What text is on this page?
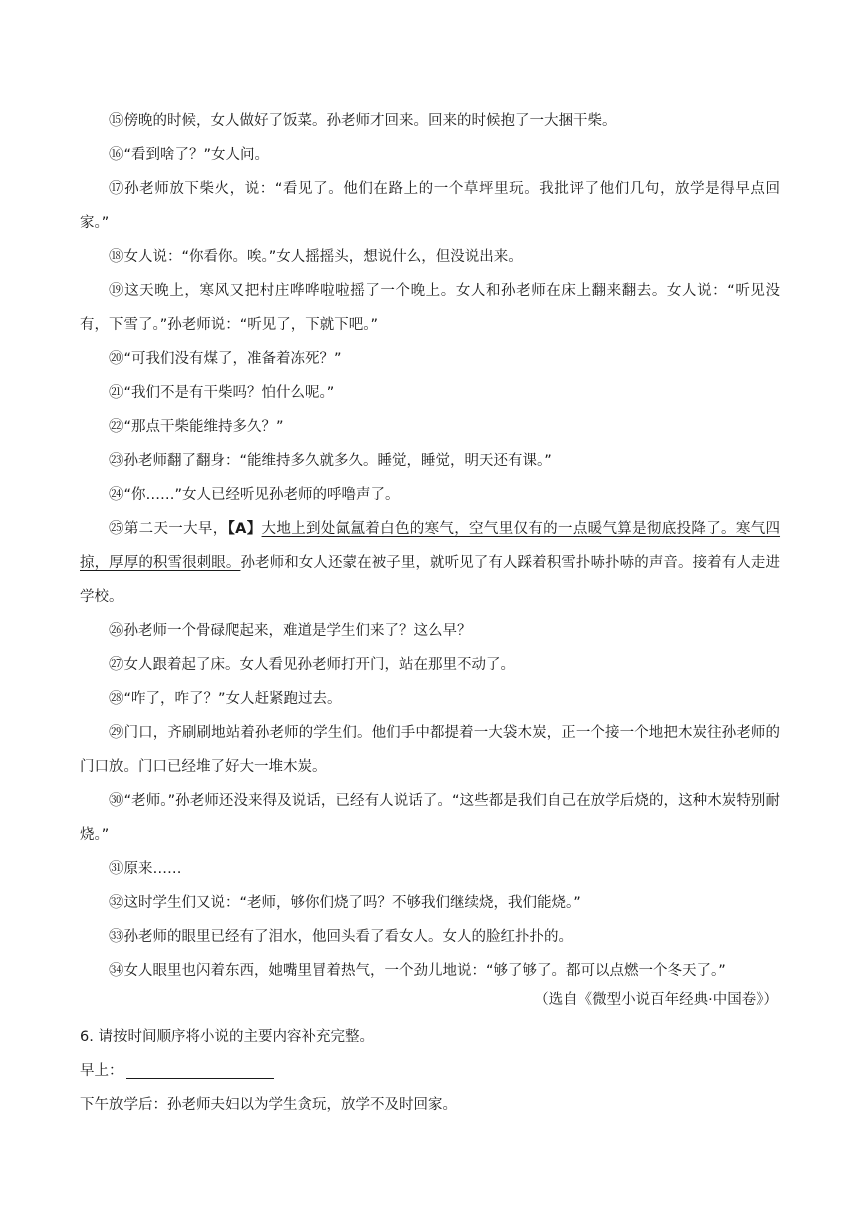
⑮傍晚的时候，女人做好了饭菜。孙老师才回来。回来的时候抱了一大捆干柴。

⑯“看到啥了？”女人问。

⑰孙老师放下柴火，说：“看见了。他们在路上的一个草坪里玩。我批评了他们几句，放学是得早点回家。”

⑱女人说：“你看你。唉。”女人摇摇头，想说什么，但没说出来。

⑲这天晚上，寒风又把村庄哗哗啦啦摇了一个晚上。女人和孙老师在床上翻来翻去。女人说：“听见没有，下雪了。”孙老师说：“听见了，下就下吧。”

⑳“可我们没有煤了，准备着冻死？”

㉑“我们不是有干柴吗？怕什么呢。”

㉒“那点干柴能维持多久？”

㉓孙老师翻了翻身：“能维持多久就多久。睡觉，睡觉，明天还有课。”

㉔“你……”女人已经听见孙老师的呼噜声了。

㉕第二天一大早，【A】大地上到处氤氲着白色的寒气，空气里仅有的一点暖气算是彻底投降了。寒气四掠，厚厚的积雪很刺眼。孙老师和女人还蒙在被子里，就听见了有人踩着积雪扑哧扑哧的声音。接着有人走进学校。

㉖孙老师一个骨碌爬起来，难道是学生们来了？这么早？

㉗女人跟着起了床。女人看见孙老师打开门，站在那里不动了。

㉘“咋了，咋了？”女人赶紧跑过去。

㉙门口，齐刷刷地站着孙老师的学生们。他们手中都提着一大袋木炭，正一个接一个地把木炭往孙老师的门口放。门口已经堆了好大一堆木炭。

㉚“老师。”孙老师还没来得及说话，已经有人说话了。“这些都是我们自己在放学后烧的，这种木炭特别耐烧。”

㉛原来……

㉜这时学生们又说：“老师，够你们烧了吗？不够我们继续烧，我们能烧。”

㉝孙老师的眼里已经有了泪水，他回头看了看女人。女人的脸红扑扑的。

㉞女人眼里也闪着东西，她嘴里冒着热气，一个劲儿地说：“够了够了。都可以点燃一个冬天了。”

（选自《微型小说百年经典·中国卷》）

6. 请按时间顺序将小说的主要内容补充完整。

早上：

下午放学后：孙老师夫妇以为学生贪玩，放学不及时回家。
